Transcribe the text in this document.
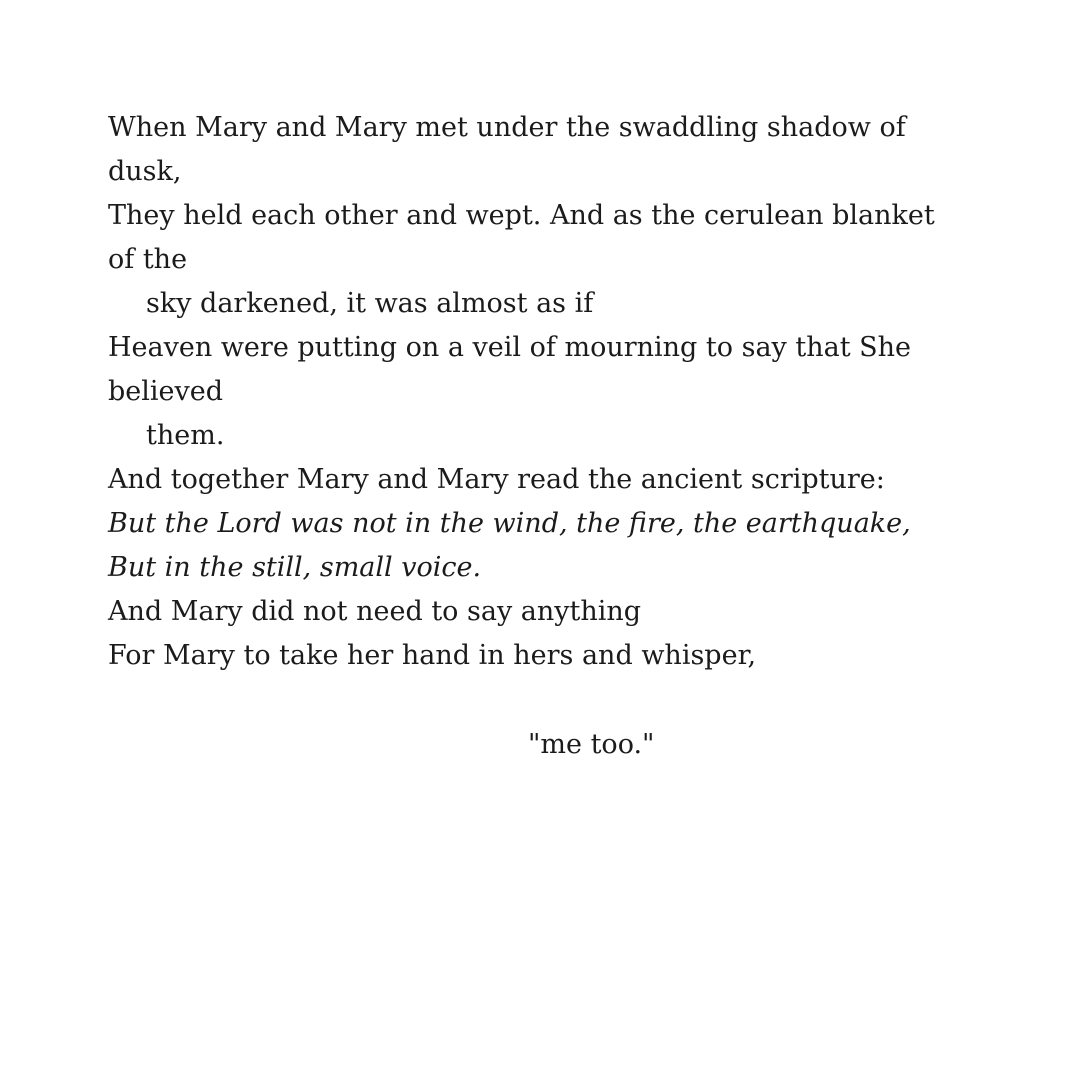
When Mary and Mary met under the swaddling shadow of
dusk,
They held each other and wept. And as the cerulean blanket
of the
sky darkened, it was almost as if
Heaven were putting on a veil of mourning to say that She
believed
them.
And together Mary and Mary read the ancient scripture:
But the Lord was not in the wind, the fire, the earthquake,
But in the still, small voice.
And Mary did not need to say anything
For Mary to take her hand in hers and whisper,
"me too."
